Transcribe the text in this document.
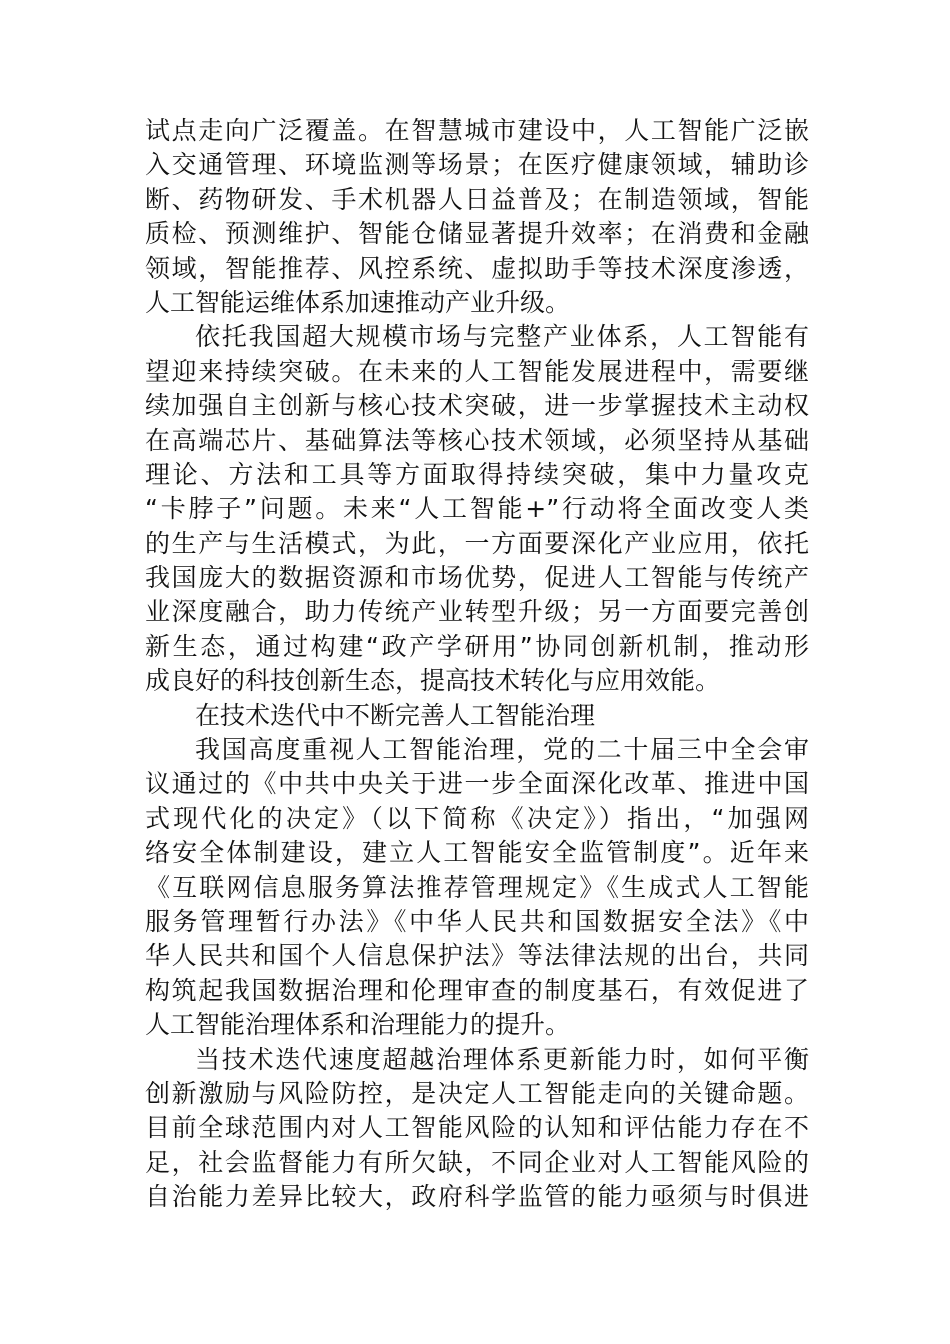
试点走向广泛覆盖。在智慧城市建设中，人工智能广泛嵌
入交通管理、环境监测等场景；在医疗健康领域，辅助诊
断、药物研发、手术机器人日益普及；在制造领域，智能
质检、预测维护、智能仓储显著提升效率；在消费和金融
领域，智能推荐、风控系统、虚拟助手等技术深度渗透，
人工智能运维体系加速推动产业升级。
依托我国超大规模市场与完整产业体系，人工智能有
望迎来持续突破。在未来的人工智能发展进程中，需要继
续加强自主创新与核心技术突破，进一步掌握技术主动权
在高端芯片、基础算法等核心技术领域，必须坚持从基础
理论、方法和工具等方面取得持续突破，集中力量攻克
“卡脖子”问题。未来“人工智能+”行动将全面改变人类
的生产与生活模式，为此，一方面要深化产业应用，依托
我国庞大的数据资源和市场优势，促进人工智能与传统产
业深度融合，助力传统产业转型升级；另一方面要完善创
新生态，通过构建“政产学研用”协同创新机制，推动形
成良好的科技创新生态，提高技术转化与应用效能。
在技术迭代中不断完善人工智能治理
我国高度重视人工智能治理，党的二十届三中全会审
议通过的《中共中央关于进一步全面深化改革、推进中国
式现代化的决定》（以下简称《决定》）指出，“加强网
络安全体制建设，建立人工智能安全监管制度”。近年来
《互联网信息服务算法推荐管理规定》《生成式人工智能
服务管理暂行办法》《中华人民共和国数据安全法》《中
华人民共和国个人信息保护法》等法律法规的出台，共同
构筑起我国数据治理和伦理审查的制度基石，有效促进了
人工智能治理体系和治理能力的提升。
当技术迭代速度超越治理体系更新能力时，如何平衡
创新激励与风险防控，是决定人工智能走向的关键命题。
目前全球范围内对人工智能风险的认知和评估能力存在不
足，社会监督能力有所欠缺，不同企业对人工智能风险的
自治能力差异比较大，政府科学监管的能力亟须与时俱进
